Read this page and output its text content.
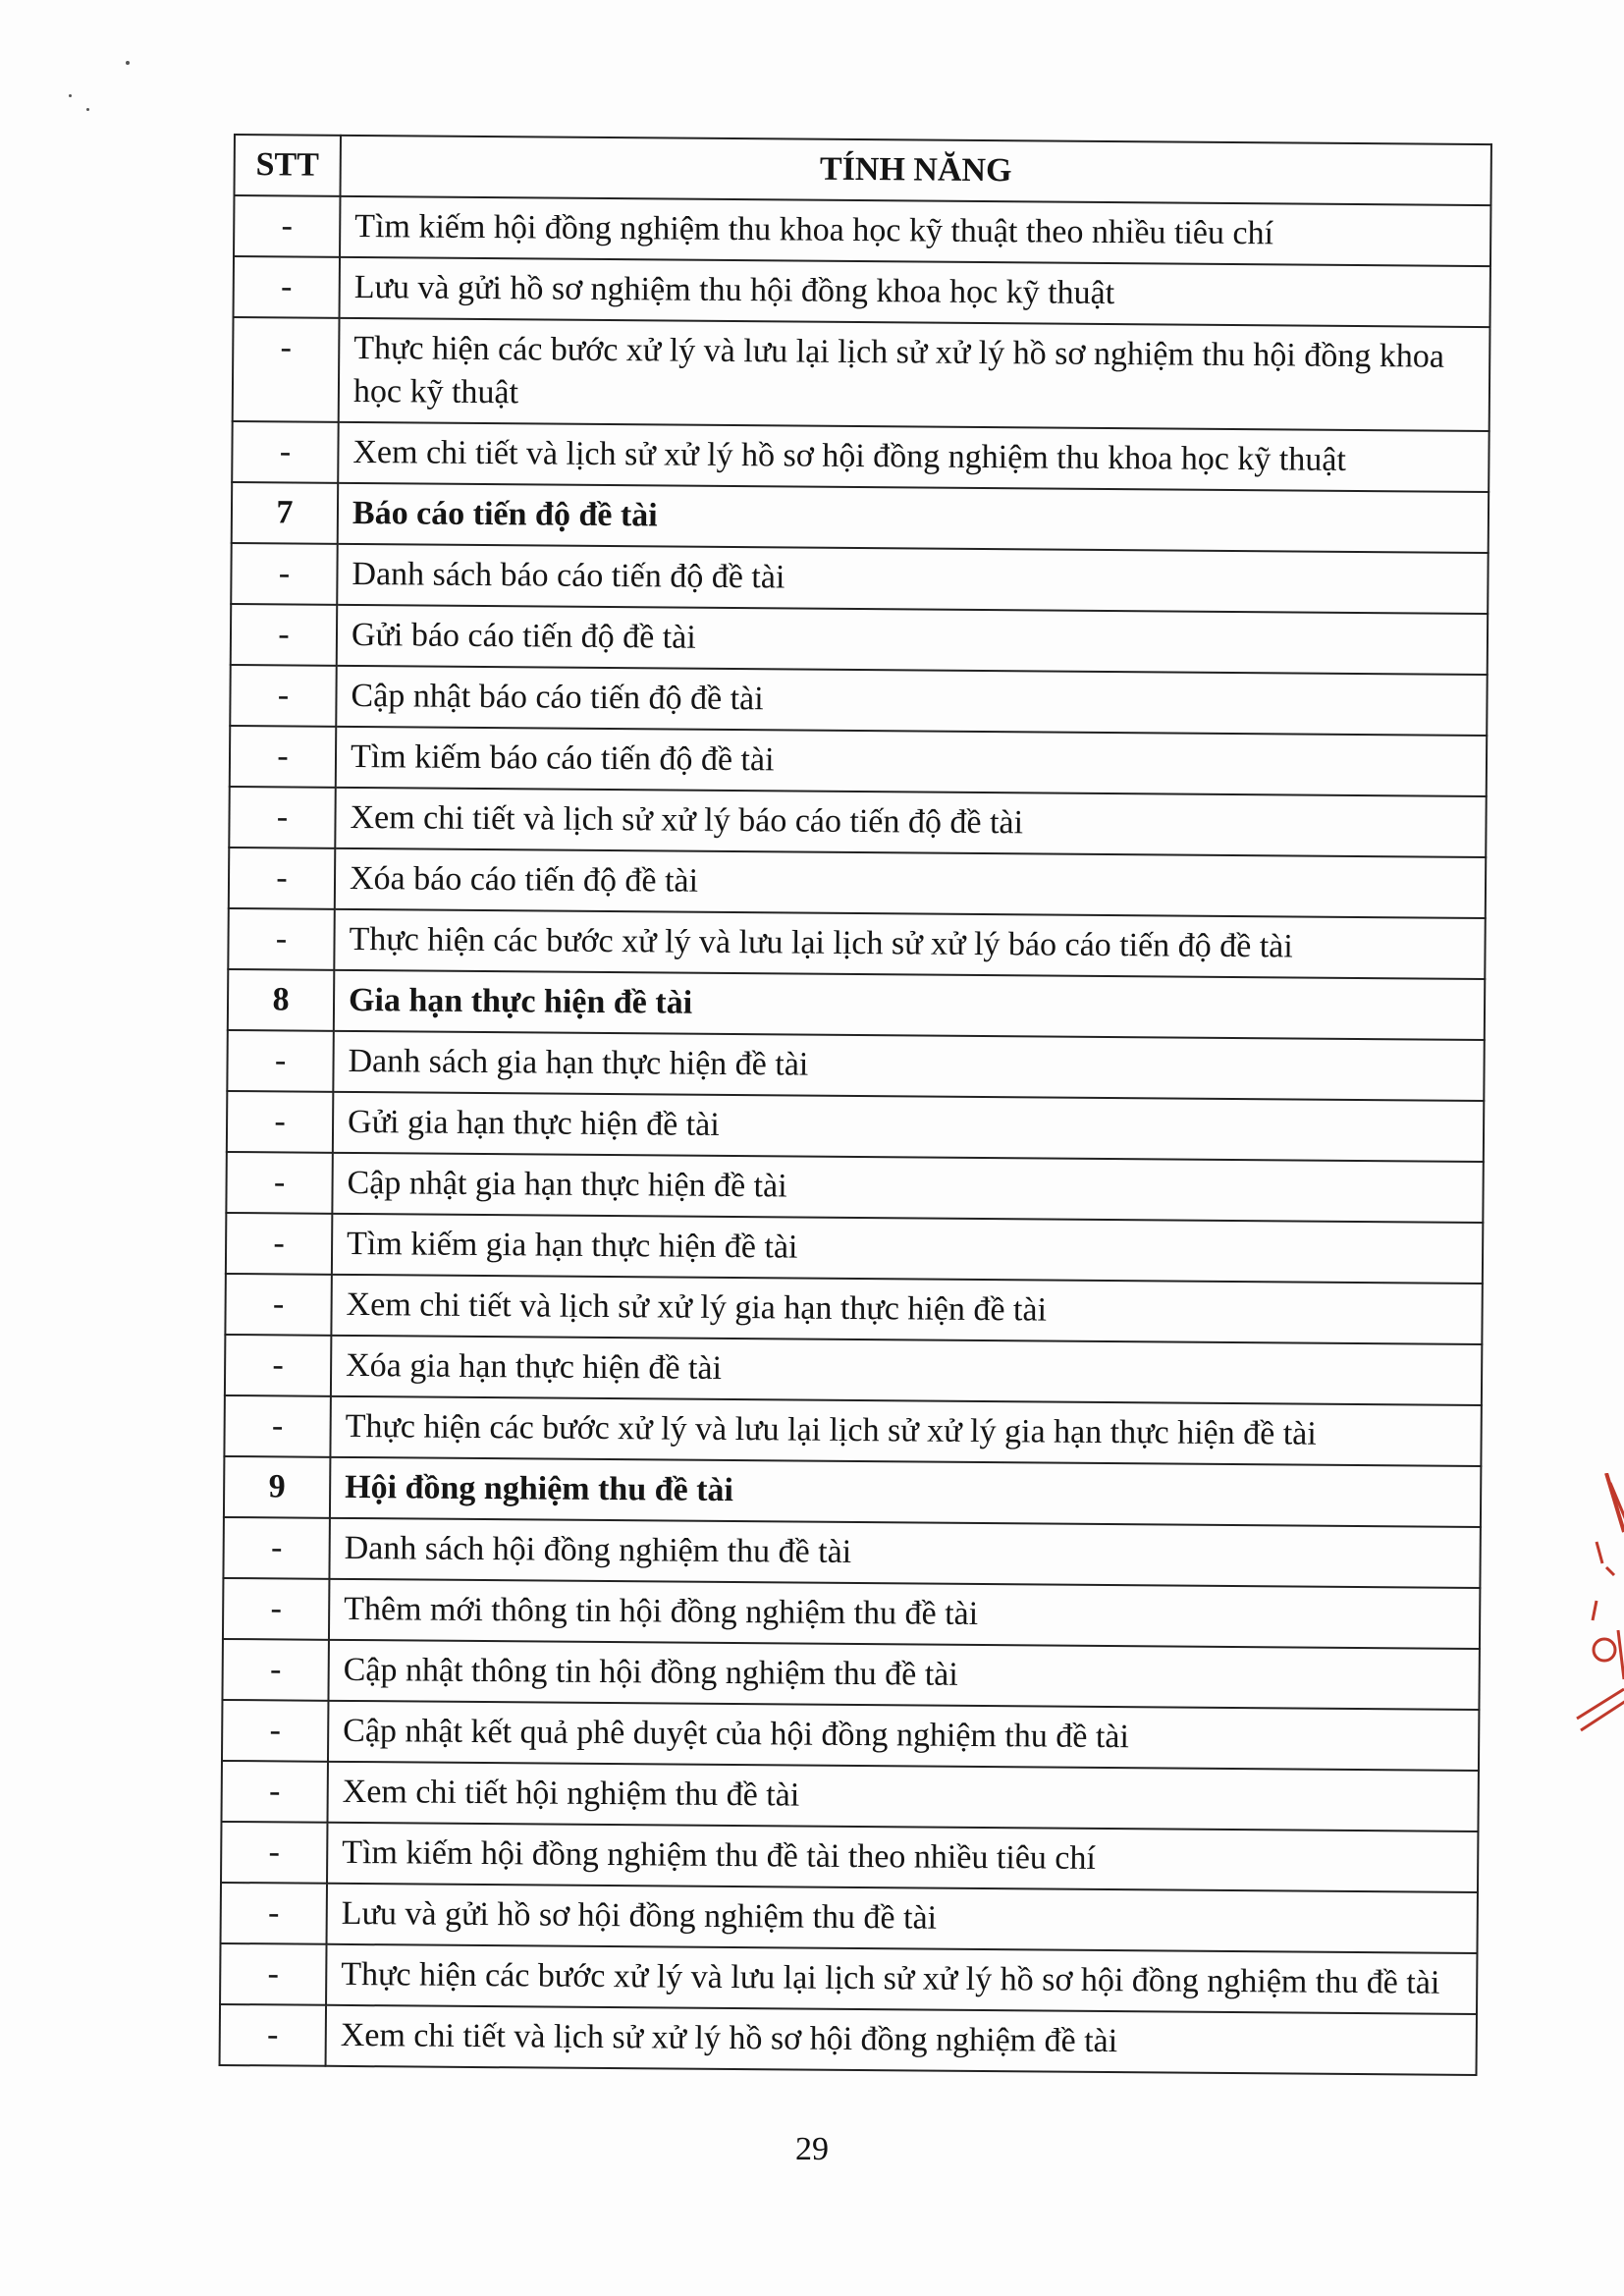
STT	TÍNH NĂNG
-	Tìm kiếm hội đồng nghiệm thu khoa học kỹ thuật theo nhiều tiêu chí
-	Lưu và gửi hồ sơ nghiệm thu hội đồng khoa học kỹ thuật
-	Thực hiện các bước xử lý và lưu lại lịch sử xử lý hồ sơ nghiệm thu hội đồng khoa học kỹ thuật
-	Xem chi tiết và lịch sử xử lý hồ sơ hội đồng nghiệm thu khoa học kỹ thuật
7	Báo cáo tiến độ đề tài
-	Danh sách báo cáo tiến độ đề tài
-	Gửi báo cáo tiến độ đề tài
-	Cập nhật báo cáo tiến độ đề tài
-	Tìm kiếm báo cáo tiến độ đề tài
-	Xem chi tiết và lịch sử xử lý báo cáo tiến độ đề tài
-	Xóa báo cáo tiến độ đề tài
-	Thực hiện các bước xử lý và lưu lại lịch sử xử lý báo cáo tiến độ đề tài
8	Gia hạn thực hiện đề tài
-	Danh sách gia hạn thực hiện đề tài
-	Gửi gia hạn thực hiện đề tài
-	Cập nhật gia hạn thực hiện đề tài
-	Tìm kiếm gia hạn thực hiện đề tài
-	Xem chi tiết và lịch sử xử lý gia hạn thực hiện đề tài
-	Xóa gia hạn thực hiện đề tài
-	Thực hiện các bước xử lý và lưu lại lịch sử xử lý gia hạn thực hiện đề tài
9	Hội đồng nghiệm thu đề tài
-	Danh sách hội đồng nghiệm thu đề tài
-	Thêm mới thông tin hội đồng nghiệm thu đề tài
-	Cập nhật thông tin hội đồng nghiệm thu đề tài
-	Cập nhật kết quả phê duyệt của hội đồng nghiệm thu đề tài
-	Xem chi tiết hội nghiệm thu đề tài
-	Tìm kiếm hội đồng nghiệm thu đề tài theo nhiều tiêu chí
-	Lưu và gửi hồ sơ hội đồng nghiệm thu đề tài
-	Thực hiện các bước xử lý và lưu lại lịch sử xử lý hồ sơ hội đồng nghiệm thu đề tài
-	Xem chi tiết và lịch sử xử lý hồ sơ hội đồng nghiệm đề tài
29
